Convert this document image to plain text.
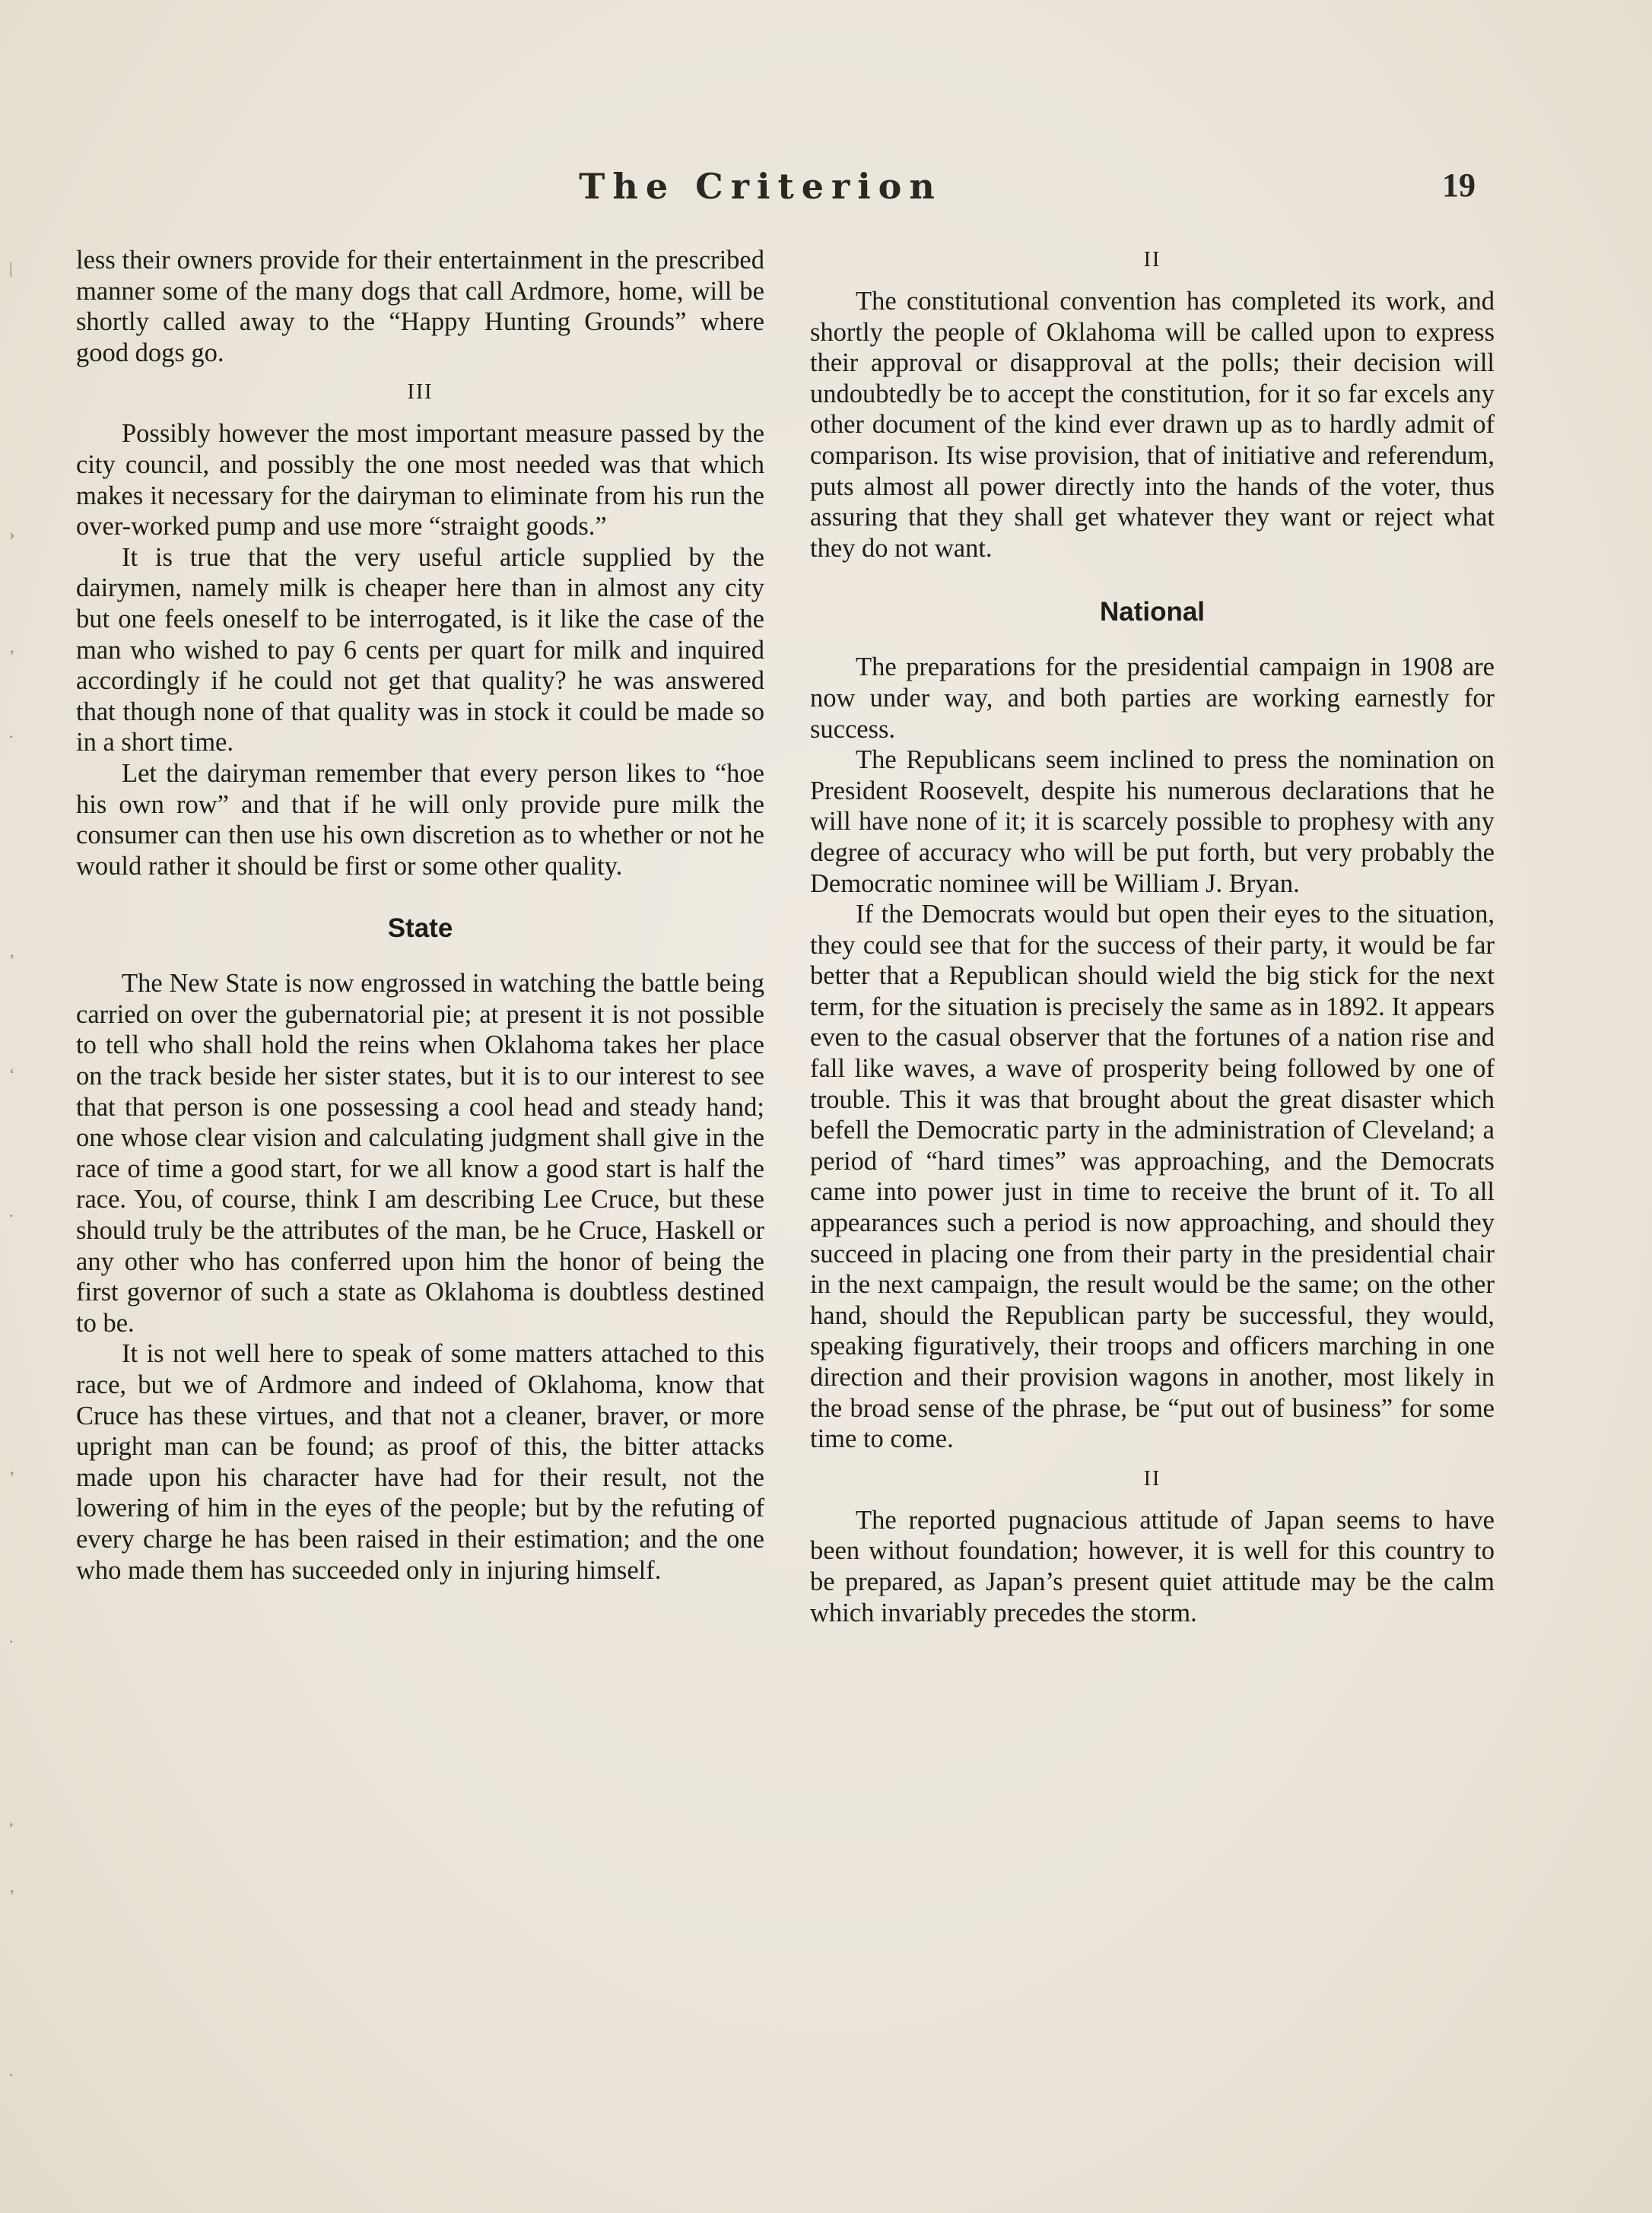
The Criterion	19
|
›
’
.
’
‘
.
’
.
,
’
.

less their owners provide for their entertainment in the prescribed manner some of the many dogs that call Ardmore, home, will be shortly called away to the “Happy Hunting Grounds” where good dogs go.

III

Possibly however the most important measure passed by the city council, and possibly the one most needed was that which makes it necessary for the dairyman to eliminate from his run the over-worked pump and use more “straight goods.”

It is true that the very useful article supplied by the dairymen, namely milk is cheaper here than in almost any city but one feels oneself to be interrogated, is it like the case of the man who wished to pay 6 cents per quart for milk and inquired accordingly if he could not get that quality? he was answered that though none of that quality was in stock it could be made so in a short time.

Let the dairyman remember that every person likes to “hoe his own row” and that if he will only provide pure milk the consumer can then use his own discretion as to whether or not he would rather it should be first or some other quality.

State

The New State is now engrossed in watching the battle being carried on over the gubernatorial pie; at present it is not possible to tell who shall hold the reins when Oklahoma takes her place on the track beside her sister states, but it is to our interest to see that that person is one possessing a cool head and steady hand; one whose clear vision and calculating judgment shall give in the race of time a good start, for we all know a good start is half the race. You, of course, think I am describing Lee Cruce, but these should truly be the attributes of the man, be he Cruce, Haskell or any other who has conferred upon him the honor of being the first governor of such a state as Oklahoma is doubtless destined to be.

It is not well here to speak of some matters attached to this race, but we of Ardmore and indeed of Oklahoma, know that Cruce has these virtues, and that not a cleaner, braver, or more upright man can be found; as proof of this, the bitter attacks made upon his character have had for their result, not the lowering of him in the eyes of the people; but by the refuting of every charge he has been raised in their estimation; and the one who made them has succeeded only in injuring himself.

II

The constitutional convention has completed its work, and shortly the people of Oklahoma will be called upon to express their approval or disapproval at the polls; their decision will undoubtedly be to accept the constitution, for it so far excels any other document of the kind ever drawn up as to hardly admit of comparison. Its wise provision, that of initiative and referendum, puts almost all power directly into the hands of the voter, thus assuring that they shall get whatever they want or reject what they do not want.

National

The preparations for the presidential campaign in 1908 are now under way, and both parties are working earnestly for success.

The Republicans seem inclined to press the nomination on President Roosevelt, despite his numerous declarations that he will have none of it; it is scarcely possible to prophesy with any degree of accuracy who will be put forth, but very probably the Democratic nominee will be William J. Bryan.

If the Democrats would but open their eyes to the situation, they could see that for the success of their party, it would be far better that a Republican should wield the big stick for the next term, for the situation is precisely the same as in 1892. It appears even to the casual observer that the fortunes of a nation rise and fall like waves, a wave of prosperity being followed by one of trouble. This it was that brought about the great disaster which befell the Democratic party in the administration of Cleveland; a period of “hard times” was approaching, and the Democrats came into power just in time to receive the brunt of it. To all appearances such a period is now approaching, and should they succeed in placing one from their party in the presidential chair in the next campaign, the result would be the same; on the other hand, should the Republican party be successful, they would, speaking figuratively, their troops and officers marching in one direction and their provision wagons in another, most likely in the broad sense of the phrase, be “put out of business” for some time to come.

II

The reported pugnacious attitude of Japan seems to have been without foundation; however, it is well for this country to be prepared, as Japan’s present quiet attitude may be the calm which invariably precedes the storm.
